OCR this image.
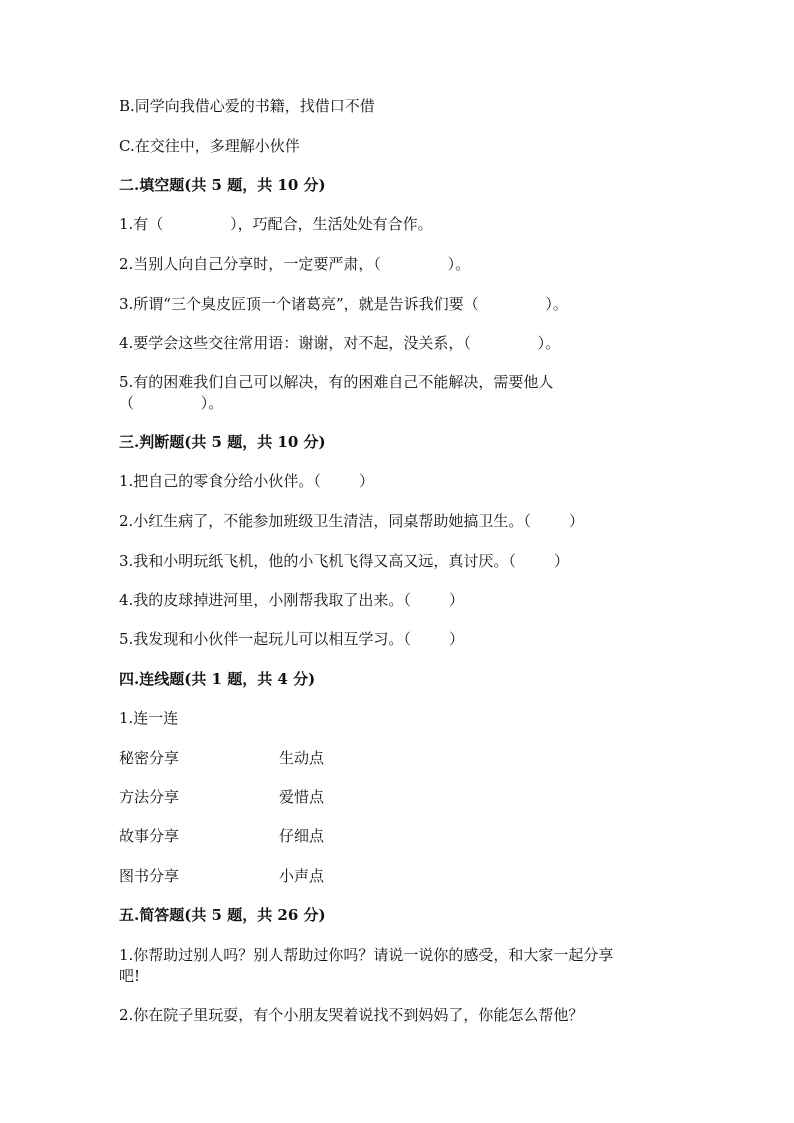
B.同学向我借心爱的书籍，找借口不借

C.在交往中，多理解小伙伴

二.填空题(共 5 题，共 10 分)

1.有（              ），巧配合，生活处处有合作。

2.当别人向自己分享时，一定要严肃，（              ）。

3.所谓“三个臭皮匠顶一个诸葛亮”，就是告诉我们要（              ）。

4.要学会这些交往常用语：谢谢，对不起，没关系，（              ）。

5.有的困难我们自己可以解决，有的困难自己不能解决，需要他人

（              ）。

三.判断题(共 5 题，共 10 分)

1.把自己的零食分给小伙伴。（        ）

2.小红生病了，不能参加班级卫生清洁，同桌帮助她搞卫生。（        ）

3.我和小明玩纸飞机，他的小飞机飞得又高又远，真讨厌。（        ）

4.我的皮球掉进河里，小刚帮我取了出来。（        ）

5.我发现和小伙伴一起玩儿可以相互学习。（        ）

四.连线题(共 1 题，共 4 分)

1.连一连

秘密分享	生动点
方法分享	爱惜点
故事分享	仔细点
图书分享	小声点

五.简答题(共 5 题，共 26 分)

1.你帮助过别人吗？别人帮助过你吗？请说一说你的感受，和大家一起分享

吧!

2.你在院子里玩耍，有个小朋友哭着说找不到妈妈了，你能怎么帮他？
